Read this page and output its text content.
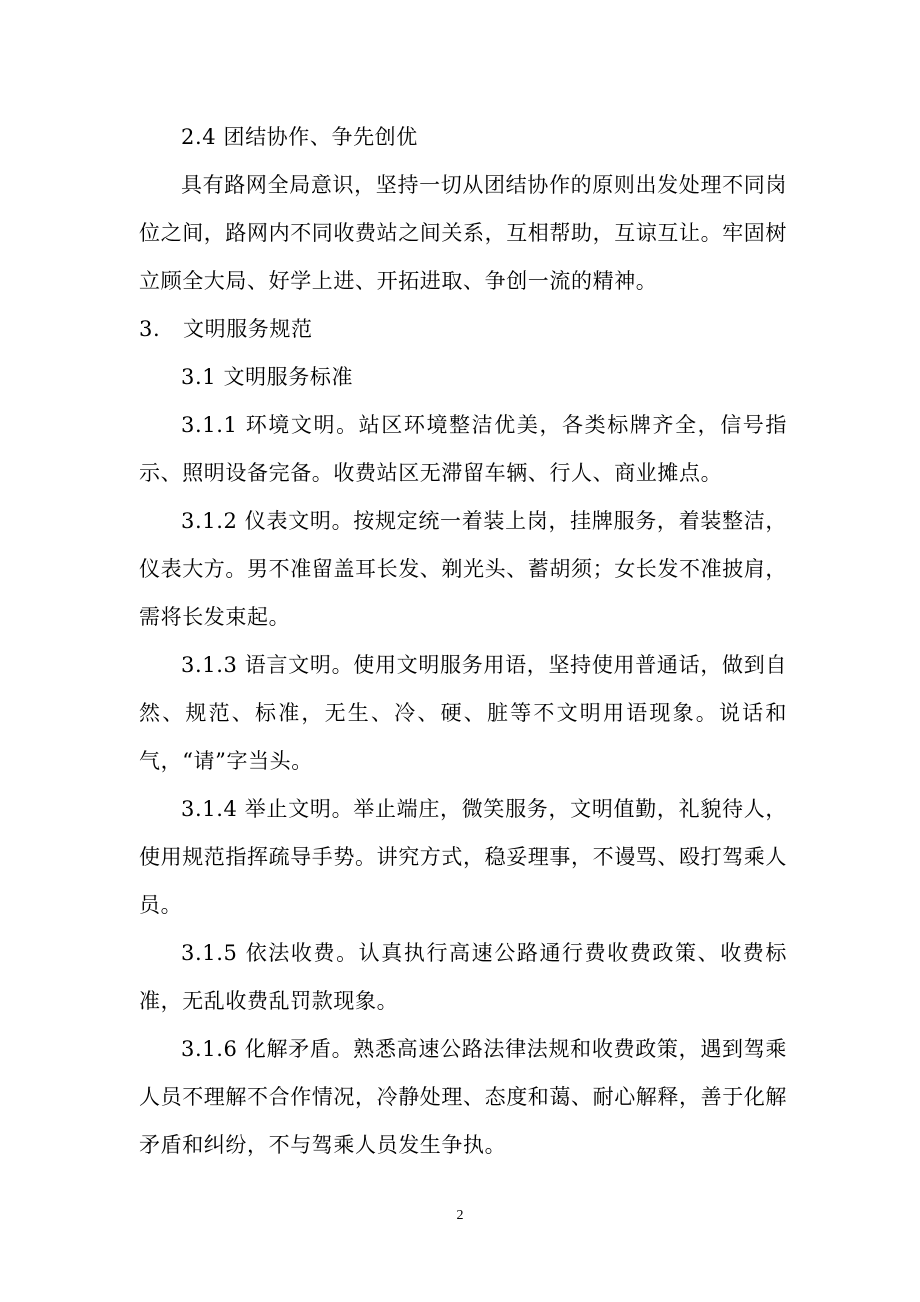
2.4 团结协作、争先创优

具有路网全局意识，坚持一切从团结协作的原则出发处理不同岗位之间，路网内不同收费站之间关系，互相帮助，互谅互让。牢固树立顾全大局、好学上进、开拓进取、争创一流的精神。

3. 文明服务规范

3.1 文明服务标准

3.1.1 环境文明。站区环境整洁优美，各类标牌齐全，信号指示、照明设备完备。收费站区无滞留车辆、行人、商业摊点。

3.1.2 仪表文明。按规定统一着装上岗，挂牌服务，着装整洁，仪表大方。男不准留盖耳长发、剃光头、蓄胡须；女长发不准披肩，需将长发束起。

3.1.3 语言文明。使用文明服务用语，坚持使用普通话，做到自然、规范、标准，无生、冷、硬、脏等不文明用语现象。说话和气，“请”字当头。

3.1.4 举止文明。举止端庄，微笑服务，文明值勤，礼貌待人，使用规范指挥疏导手势。讲究方式，稳妥理事，不谩骂、殴打驾乘人员。

3.1.5 依法收费。认真执行高速公路通行费收费政策、收费标准，无乱收费乱罚款现象。

3.1.6 化解矛盾。熟悉高速公路法律法规和收费政策，遇到驾乘人员不理解不合作情况，冷静处理、态度和蔼、耐心解释，善于化解矛盾和纠纷，不与驾乘人员发生争执。

2
